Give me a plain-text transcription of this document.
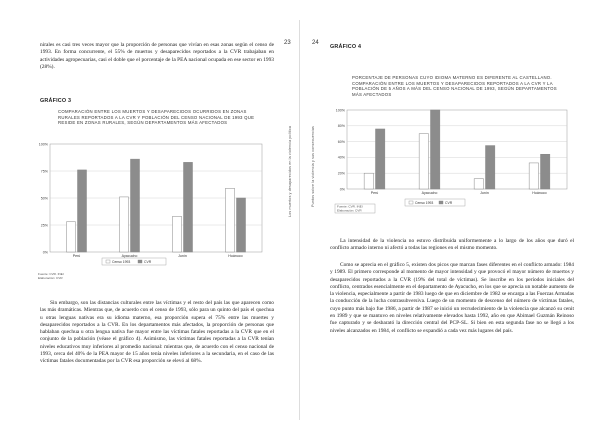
23
Los muertos y desaparecidos en la violencia política

nirales es casi tres veces mayor que la proporción de personas que vivían en esas zonas según el censo de 1993. En forma concurrente, el 55% de muertos y desaparecidos reportados a la CVR trabajaban en actividades agropecuarias, casi el doble que el porcentaje de la PEA nacional ocupada en ese sector en 1993 (28%).

GRÁFICO 3

COMPARACIÓN ENTRE LOS MUERTOS Y DESAPARECIDOS OCURRIDOS EN ZONAS RURALES REPORTADOS A LA CVR Y POBLACIÓN DEL CENSO NACIONAL DE 1993 QUE RESIDE EN ZONAS RURALES, SEGÚN DEPARTAMENTOS MÁS AFECTADOS

0%
25%
50%
75%
100%
Perú	Ayacucho	Junín	Huánuco
Censo 1993	CVR
Fuente: CVR. INEI
Elaboración: CVR

Sin embargo, son las distancias culturales entre las víctimas y el resto del país las que aparecen como las más dramáticas. Mientras que, de acuerdo con el censo de 1993, sólo para un quinto del país el quechua u otras lenguas nativas era su idioma materno, esa proporción supera el 75% entre las muertes y desaparecidos reportados a la CVR. En los departamentos más afectados, la proporción de personas que hablaban quechua u otra lengua nativa fue mayor entre las víctimas fatales reportadas a la CVR que en el conjunto de la población (véase el gráfico 4). Asimismo, las víctimas fatales reportadas a la CVR tenían niveles educativos muy inferiores al promedio nacional: mientras que, de acuerdo con el censo nacional de 1993, cerca del 40% de la PEA mayor de 15 años tenía niveles inferiores a la secundaria, en el caso de las víctimas fatales documentadas por la CVR esa proporción se elevó al 68%.

24
Puntos sobre la violencia y sus consecuencias

GRÁFICO 4

PORCENTAJE DE PERSONAS CUYO IDIOMA MATERNO ES DIFERENTE AL CASTELLANO. COMPARACIÓN ENTRE LOS MUERTOS Y DESAPARECIDOS REPORTADOS A LA CVR Y LA POBLACIÓN DE 5 AÑOS A MÁS DEL CENSO NACIONAL DE 1993, SEGÚN DEPARTAMENTOS MÁS AFECTADOS

0%
20%
40%
60%
80%
100%
Perú	Ayacucho	Junín	Huánuco
Censo 1993	CVR
Fuente: CVR. INEI
Elaboración: CVR

La intensidad de la violencia no estuvo distribuida uniformemente a lo largo de los años que duró el conflicto armado interno ni afectó a todas las regiones en el mismo momento.

Como se aprecia en el gráfico 5, existen dos picos que marcan fases diferentes en el conflicto armado: 1984 y 1989. El primero corresponde al momento de mayor intensidad y que provocó el mayor número de muertos y desaparecidos reportados a la CVR (19% del total de víctimas). Se inscribe en los períodos iniciales del conflicto, centrados esencialmente en el departamento de Ayacucho, en los que se aprecia un notable aumento de la violencia, especialmente a partir de 1983 luego de que en diciembre de 1982 se encarga a las Fuerzas Armadas la conducción de la lucha contrasubversiva. Luego de un momento de descenso del número de víctimas fatales, cuyo punto más bajo fue 1986, a partir de 1987 se inició un recrudecimiento de la violencia que alcanzó su cenit en 1989 y que se mantuvo en niveles relativamente elevados hasta 1992, año en que Abimael Guzmán Reinoso fue capturado y se desbarató la dirección central del PCP-SL. Si bien en esta segunda fase no se llegó a los niveles alcanzados en 1984, el conflicto se expandió a cada vez más lugares del país.
